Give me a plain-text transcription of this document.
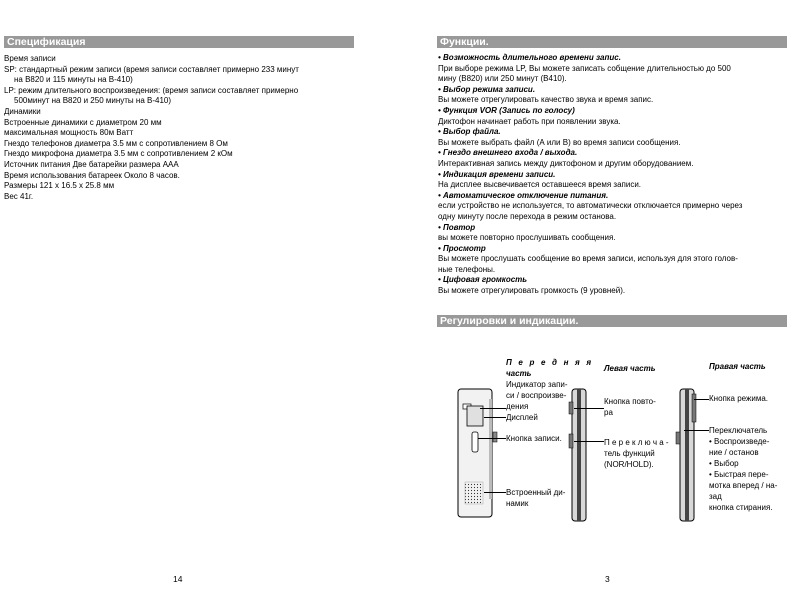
Спецификация
Время записи
SP: стандартный режим записи (время записи составляет примерно 233 минут
на В820 и 115 минуты на В-410)
LP: режим длительного воспроизведения: (время записи составляет примерно
500минут на В820 и 250 минуты на В-410)
Динамики
Встроенные динамики с диаметром 20 мм
максимальная мощность 80м Ватт
Гнездо телефонов диаметра 3.5 мм с сопротивлением 8 Ом
Гнездо микрофона диаметра 3.5 мм с сопротивлением 2 кОм
Источник питания Две батарейки размера ААА
Время использования батареек Около 8 часов.
Размеры 121 x 16.5 x 25.8 мм
Вес 41г.
14
Функции.
• Возможность длительного времени запис.
При выборе режима LP, Вы можете записать собщение длительностью до 500
мину (В820) или 250 минут (В410).
• Выбор режима записи.
Вы можете отрегулировать качество звука и время запис.
• Функция VOR (Запись по голосу)
Диктофон начинает работь при появлении звука.
• Выбор файла.
Вы можете выбрать файл (А или В) во время записи сообщения.
• Гнездо внешнего входа / выхода.
Интерактивная запись между диктофоном и другим оборудованием.
• Индикация времени записи.
На дисплее высвечивается оставшееся время записи.
• Автоматическое отключение питания.
если устройство не используется, то автоматически отключается примерно через
одну минуту после перехода в режим останова.
• Повтор
вы можете повторно прослушивать сообщения.
• Просмотр
Вы можете прослушать сообщение во время записи, используя для этого голов-
ные телефоны.
• Цифовая громкость
Вы можете отрегулировать громкость (9 уровней).
Регулировки и индикации.
П е р е д н я я
часть
Индикатор запи-
си / воспроизве-
дения
Дисплей
Кнопка записи.
Встроенный ди-
намик
Левая часть
Кнопка повто-
ра
П е р е к л ю ч а -
тель функций
(NOR/HOLD).
Правая часть
Кнопка режима.
Переключатель
• Воспроизведе-
ние / останов
• Выбор
• Быстрая пере-
мотка вперед / на-
зад
кнопка стирания.
3
